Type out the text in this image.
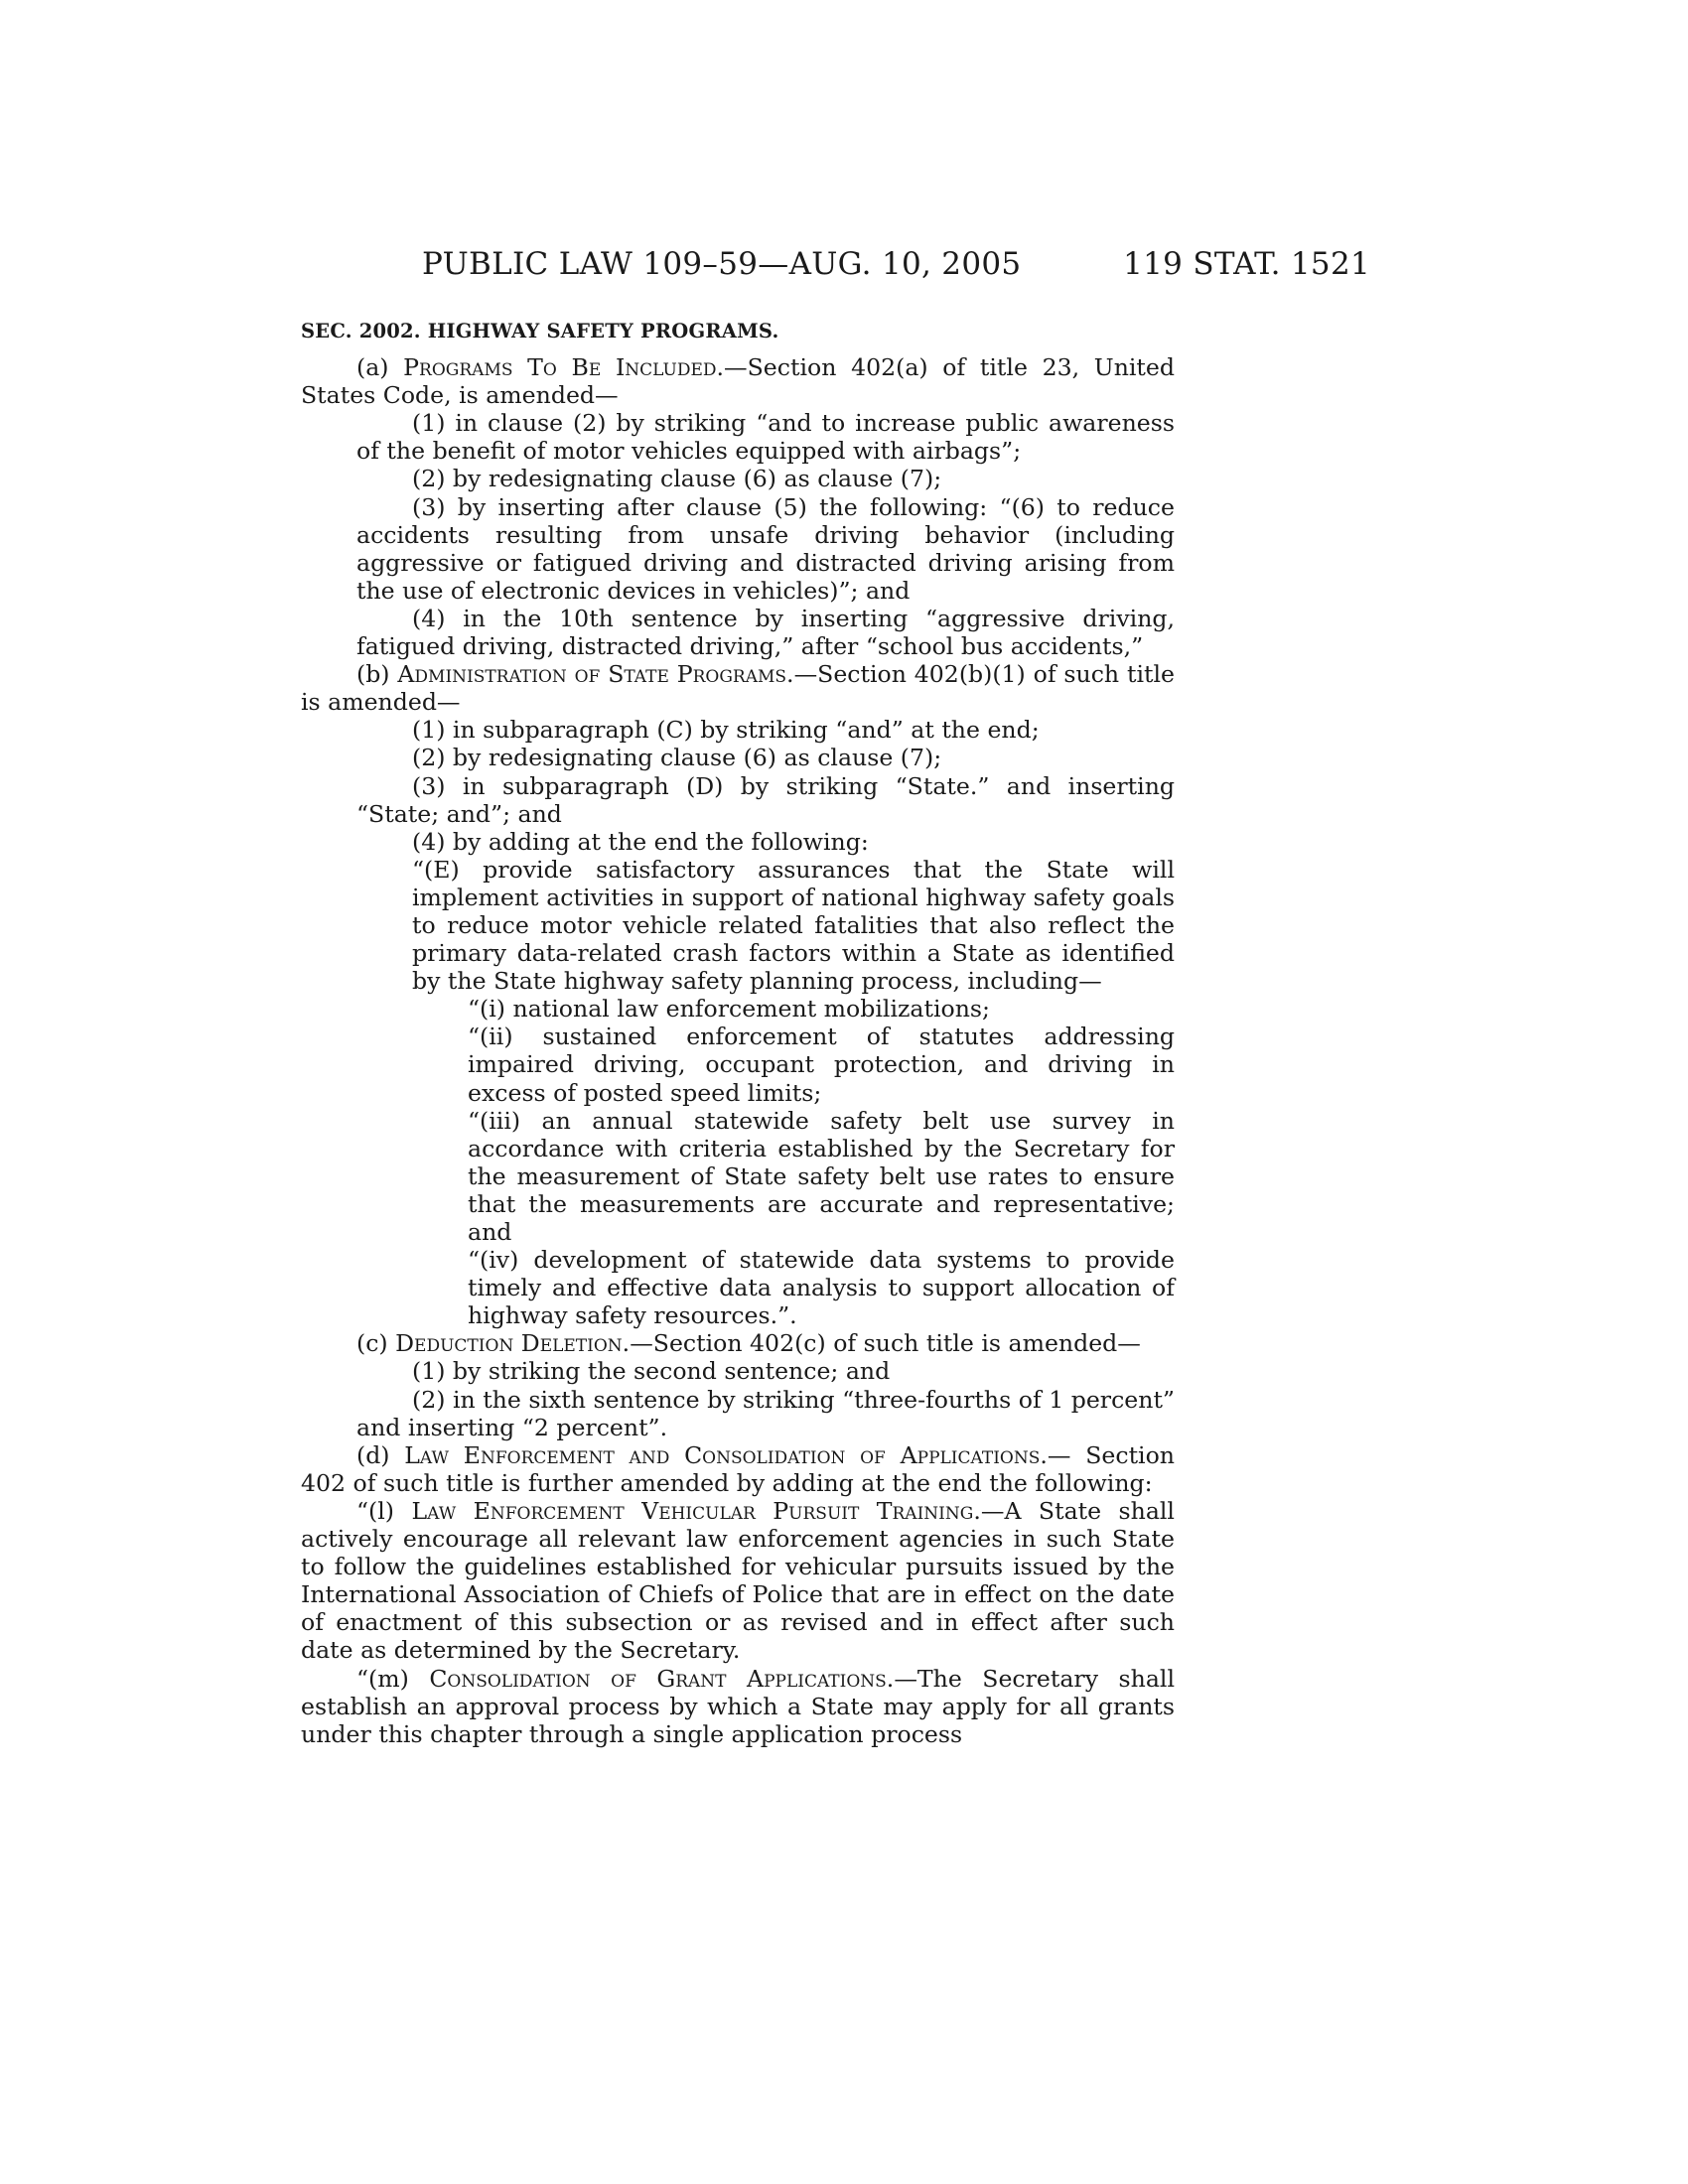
PUBLIC LAW 109–59—AUG. 10, 2005	119 STAT. 1521

SEC. 2002. HIGHWAY SAFETY PROGRAMS.

(a) Programs To Be Included.—Section 402(a) of title 23, United States Code, is amended—

(1) in clause (2) by striking “and to increase public awareness of the benefit of motor vehicles equipped with airbags”;

(2) by redesignating clause (6) as clause (7);

(3) by inserting after clause (5) the following: “(6) to reduce accidents resulting from unsafe driving behavior (including aggressive or fatigued driving and distracted driving arising from the use of electronic devices in vehicles)”; and

(4) in the 10th sentence by inserting “aggressive driving, fatigued driving, distracted driving,” after “school bus accidents,”

(b) Administration of State Programs.—Section 402(b)(1) of such title is amended—

(1) in subparagraph (C) by striking “and” at the end;

(2) by redesignating clause (6) as clause (7);

(3) in subparagraph (D) by striking “State.” and inserting “State; and”; and

(4) by adding at the end the following:

“(E) provide satisfactory assurances that the State will implement activities in support of national highway safety goals to reduce motor vehicle related fatalities that also reflect the primary data-related crash factors within a State as identified by the State highway safety planning process, including—

“(i) national law enforcement mobilizations;

“(ii) sustained enforcement of statutes addressing impaired driving, occupant protection, and driving in excess of posted speed limits;

“(iii) an annual statewide safety belt use survey in accordance with criteria established by the Secretary for the measurement of State safety belt use rates to ensure that the measurements are accurate and representative; and

“(iv) development of statewide data systems to provide timely and effective data analysis to support allocation of highway safety resources.”.

(c) Deduction Deletion.—Section 402(c) of such title is amended—

(1) by striking the second sentence; and

(2) in the sixth sentence by striking “three-fourths of 1 percent” and inserting “2 percent”.

(d) Law Enforcement and Consolidation of Applications.— Section 402 of such title is further amended by adding at the end the following:

“(l) Law Enforcement Vehicular Pursuit Training.—A State shall actively encourage all relevant law enforcement agencies in such State to follow the guidelines established for vehicular pursuits issued by the International Association of Chiefs of Police that are in effect on the date of enactment of this subsection or as revised and in effect after such date as determined by the Secretary.

“(m) Consolidation of Grant Applications.—The Secretary shall establish an approval process by which a State may apply for all grants under this chapter through a single application process
